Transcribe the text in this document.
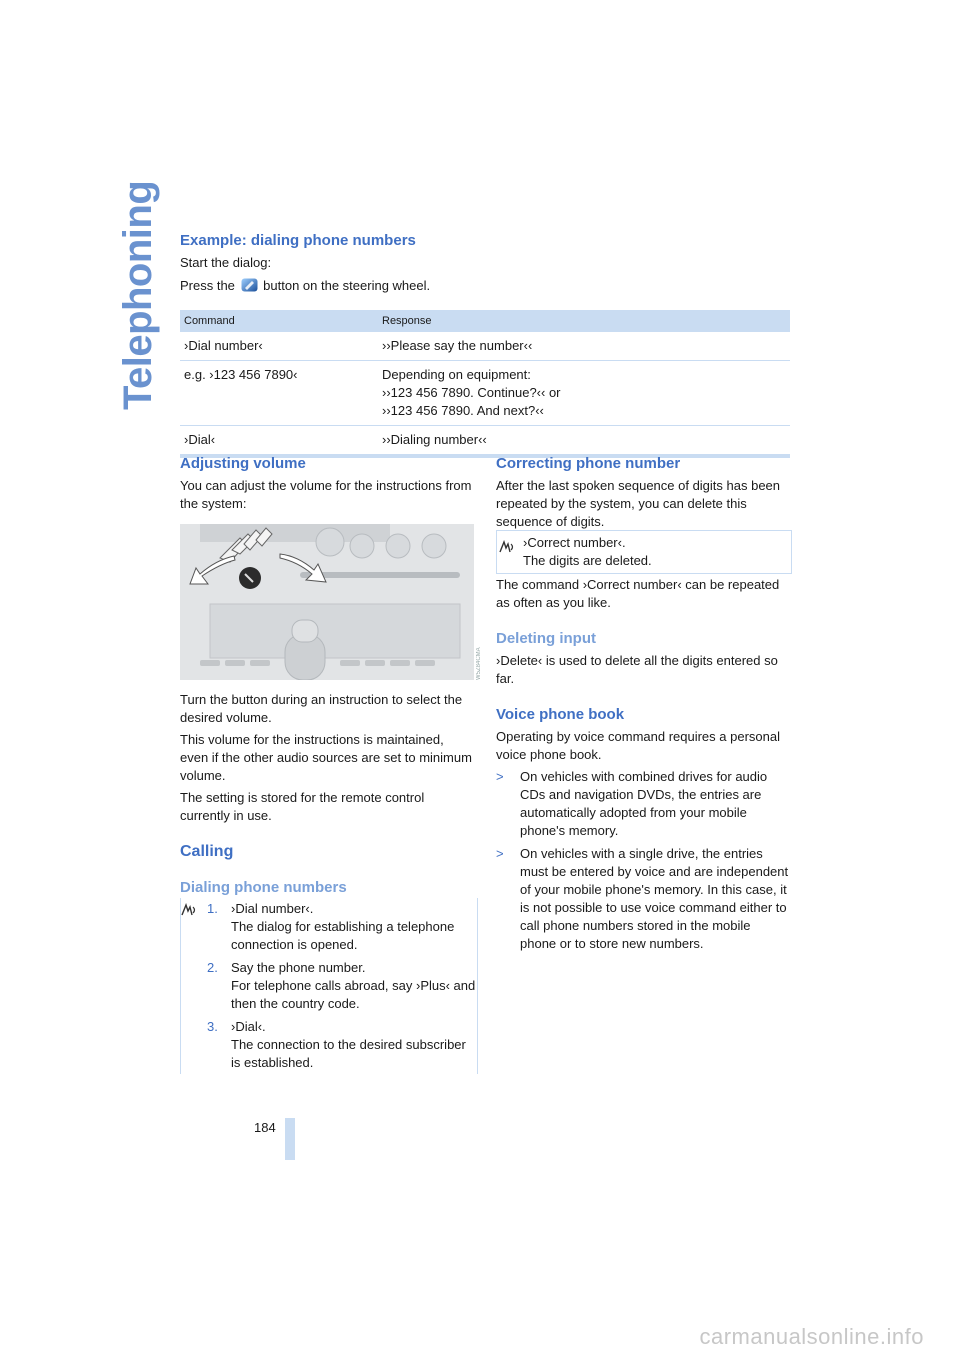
Telephoning Example: dialing phone numbers

Start the dialog:

Press the button on the steering wheel.

Command	Response
›Dial number‹	››Please say the number‹‹
e.g. ›123 456 7890‹	Depending on equipment:
››123 456 7890. Continue?‹‹ or
››123 456 7890. And next?‹‹
›Dial‹	››Dialing number‹‹
Adjusting volume

You can adjust the volume for the instructions from the system:

W5Z84CMA

Turn the button during an instruction to select the desired volume.

This volume for the instructions is maintained, even if the other audio sources are set to minimum volume.

The setting is stored for the remote control currently in use.

Calling
Dialing phone numbers
1.	›Dial number‹.
The dialog for establishing a telephone connection is opened.
2.	Say the phone number.
For telephone calls abroad, say ›Plus‹ and then the country code.
3.	›Dial‹.
The connection to the desired subscriber is established.
Correcting phone number

After the last spoken sequence of digits has been repeated by the system, you can delete this sequence of digits.

›Correct number‹.
The digits are deleted.

The command ›Correct number‹ can be repeated as often as you like.

Deleting input

›Delete‹ is used to delete all the digits entered so far.

Voice phone book

Operating by voice command requires a personal voice phone book.

>	On vehicles with combined drives for audio CDs and navigation DVDs, the entries are automatically adopted from your mobile phone's memory.
>	On vehicles with a single drive, the entries must be entered by voice and are independent of your mobile phone's memory. In this case, it is not possible to use voice command either to call phone numbers stored in the mobile phone or to store new numbers.
184
carmanualsonline.info
